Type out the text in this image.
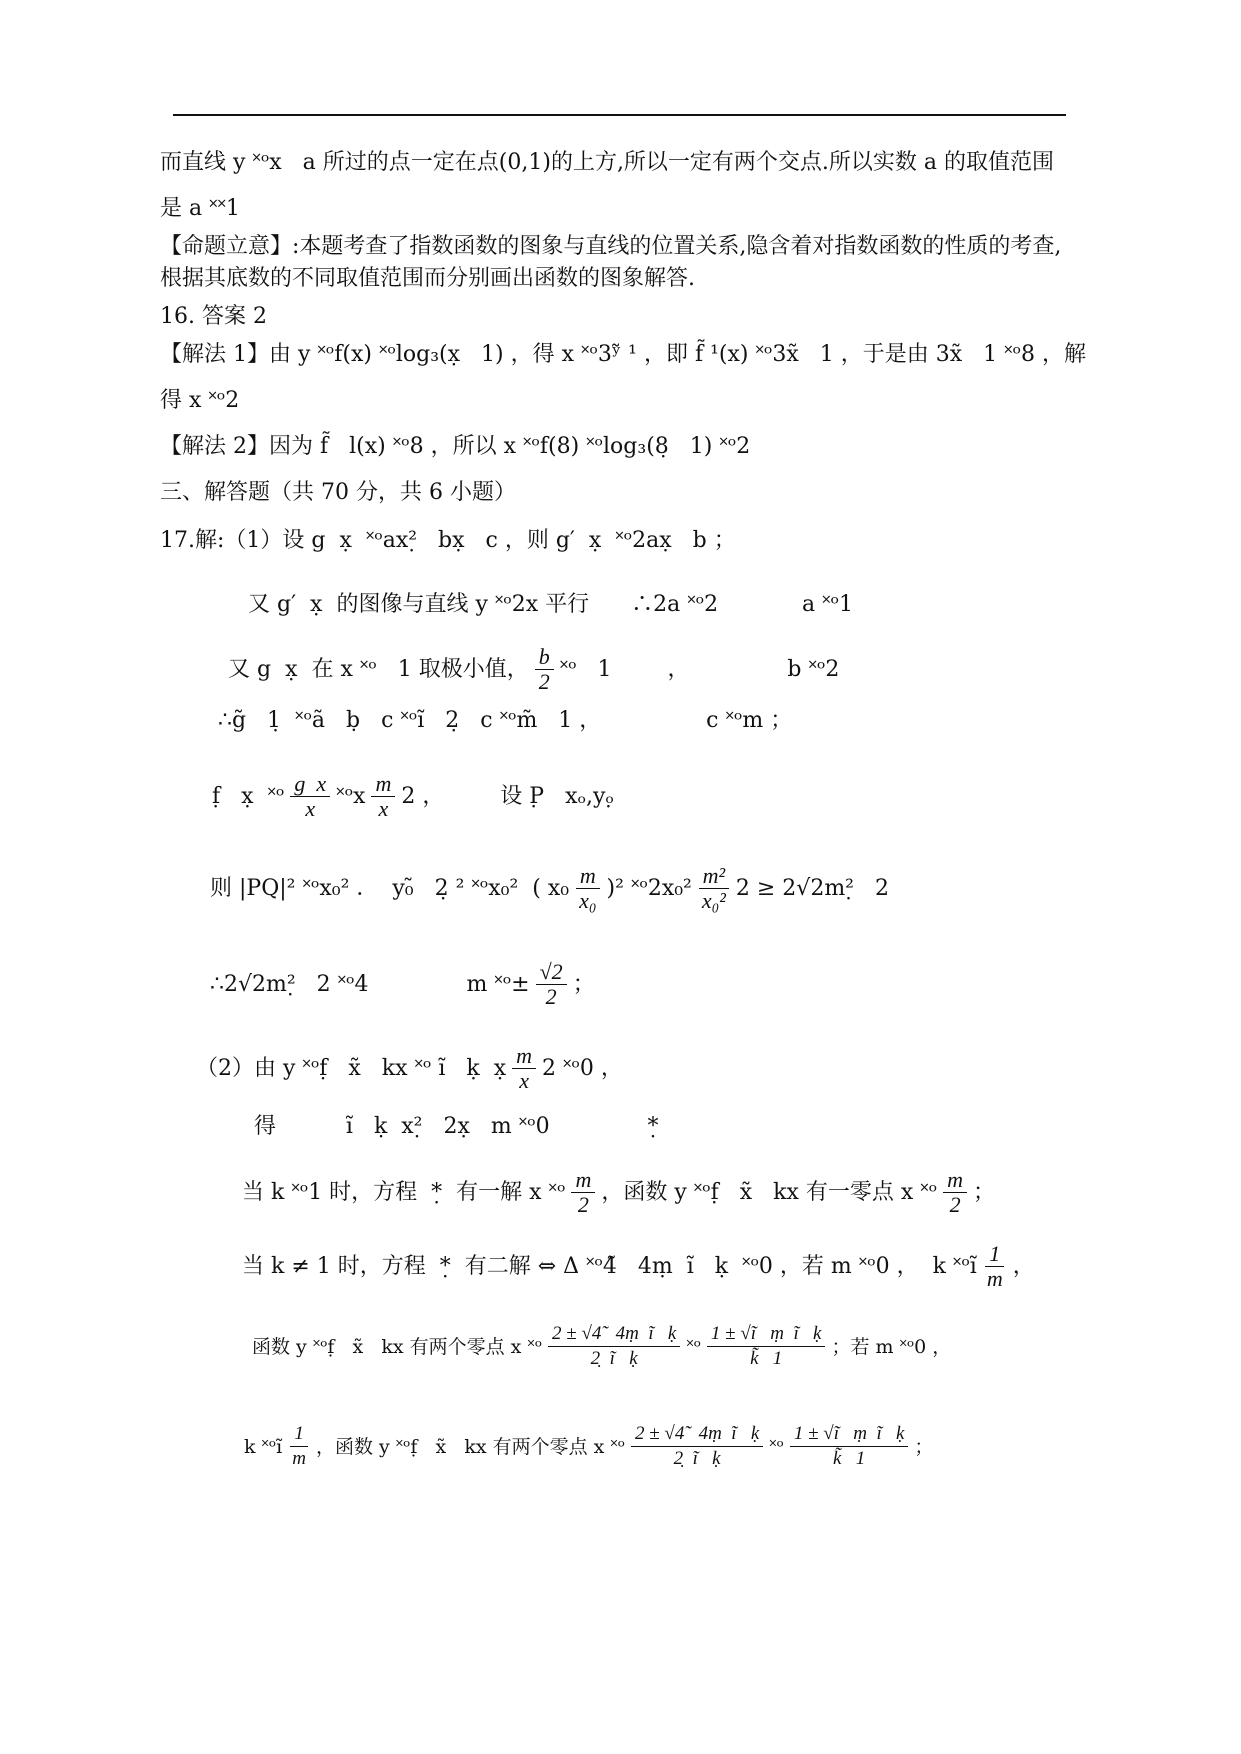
而直线 y ˟ᵒx   a 所过的点一定在点(0,1)的上方,所以一定有两个交点.所以实数 a 的取值范围
是 a ˟˟1
【命题立意】:本题考查了指数函数的图象与直线的位置关系,隐含着对指数函数的性质的考查,
根据其底数的不同取值范围而分别画出函数的图象解答.
16. 答案 2
【解法 1】由 y ˟ᵒf(x) ˟ᵒlog₃(x̣   1) ，得 x ˟ᵒ3ʸ̃ ¹ ，即 f̃ ¹(x) ˟ᵒ3x̃   1 ，于是由 3x̃   1 ˟ᵒ8 ，解
得 x ˟ᵒ2
【解法 2】因为 f̃   l(x) ˟ᵒ8 ，所以 x ˟ᵒf(8) ˟ᵒlog₃(8̣   1) ˟ᵒ2
三、解答题（共 70 分，共 6 小题）
17.解:（1）设 g  x̣  ˟ᵒax²̣   bx̣   c ，则 g′  x̣  ˟ᵒ2ax̣   b ；
又 g′  x̣  的图像与直线 y ˟ᵒ2x 平行      ∴2a ˟ᵒ2            a ˟ᵒ1
又 g  x̣  在 x ˟ᵒ   1 取极小值， $\frac{b}{2}$ ˟ᵒ   1        ，              b ˟ᵒ2
∴g̃   1̣  ˟ᵒã   ḅ   c ˟ᵒĩ   2̣   c ˟ᵒm̃   1 ，               c ˟ᵒm ；
f̣   x̣  ˟ᵒ $\frac{\text{g  x}}{x}$ ˟ᵒx $\frac{m}{x} 2$ ，        设 P̣   xₒ,yₒ̣
则 |PQ|² ˟ᵒx₀² ．  y₀̃   2̣ ² ˟ᵒx₀²  ( $x_0 \frac{m}{\text{x₀}} )^2$ ˟ᵒ2x₀² $\frac{\text{m²}}{\text{x₀²}} 2$ ≥ 2√2m²̣   2
∴2√2m²̣   2 ˟ᵒ4              m ˟ᵒ± $\frac{√2}{2}$ ；
（2）由 y ˟ᵒf̣   x̃   kx ˟ᵒ ĩ   ḳ  x̣ $\frac{m}{x} 2$ ˟ᵒ0 ，
得          ĩ   ḳ  x²̣   2x̣   m ˟ᵒ0              *̣
当 k ˟ᵒ1 时，方程  *̣  有一解 x ˟ᵒ $\frac{m}{2}$ ，函数 y ˟ᵒf̣   x̃   kx 有一零点 x ˟ᵒ $\frac{m}{2}$ ；
当 k ≠ 1 时，方程  *̣  有二解 ⇔ Δ ˟ᵒ4̃   4ṃ  ĩ   ḳ  ˟ᵒ0 ，若 m ˟ᵒ0 ，  k ˟ᵒĩ $\frac{1}{m}$ ，
函数 y ˟ᵒf̣   x̃   kx 有两个零点 x ˟ᵒ $\frac{\text{2 ± √4̃   4ṃ  ĩ   ḳ}}{\text{2̣  ĩ   ḳ}}$ ˟ᵒ $\frac{\text{1 ± √ĩ   ṃ  ĩ   ḳ}}{k̃ 1}$ ；若 m ˟ᵒ0 ，
k ˟ᵒĩ $\frac{1}{m}$ ，函数 y ˟ᵒf̣   x̃   kx 有两个零点 x ˟ᵒ $\frac{\text{2 ± √4̃   4ṃ  ĩ   ḳ}}{\text{2̣  ĩ   ḳ}}$ ˟ᵒ $\frac{\text{1 ± √ĩ   ṃ  ĩ   ḳ}}{k̃ 1}$ ；
